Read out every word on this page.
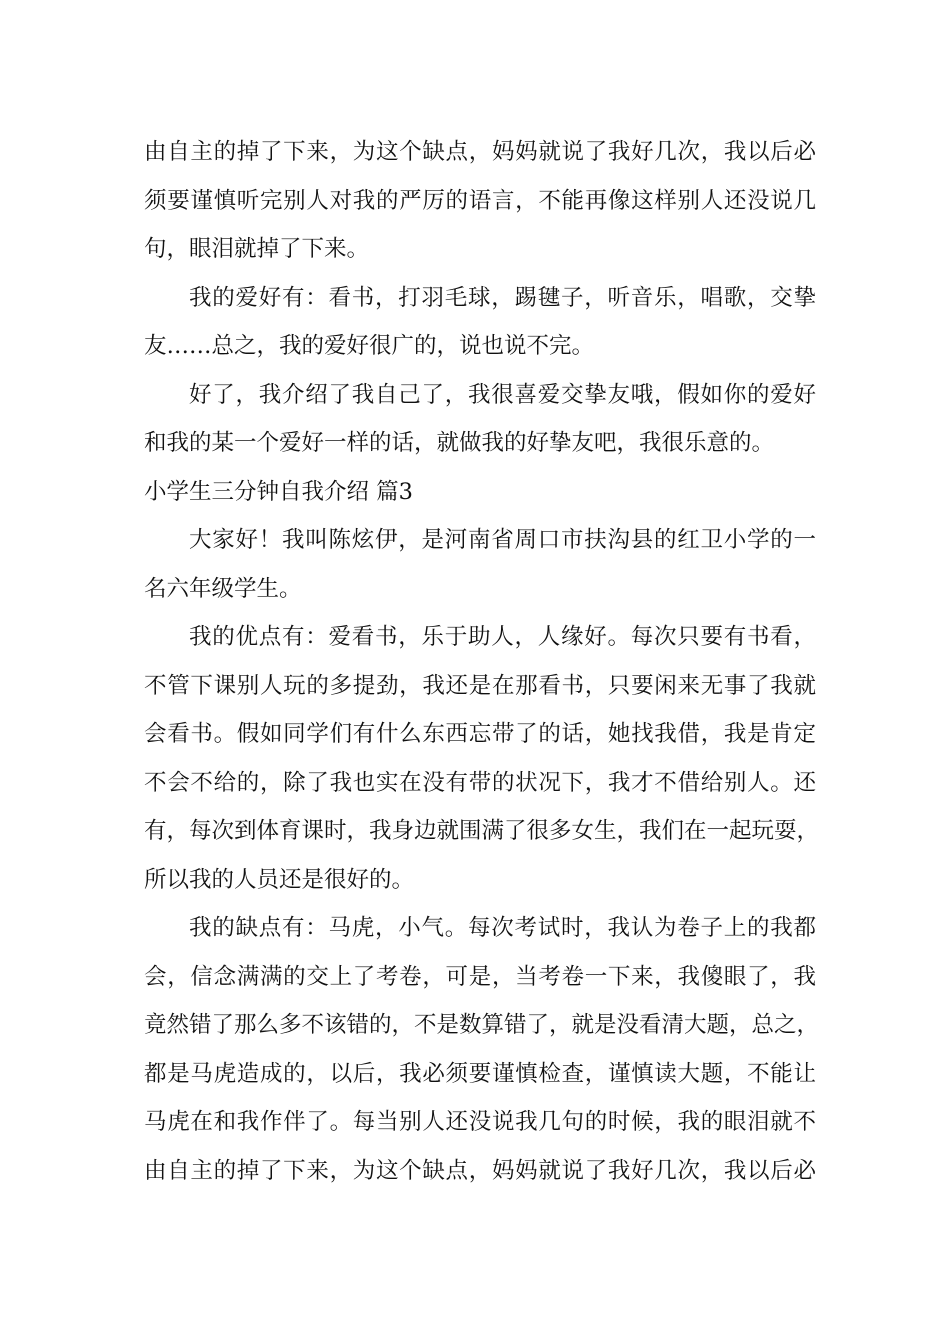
由自主的掉了下来，为这个缺点，妈妈就说了我好几次，我以后必
须要谨慎听完别人对我的严厉的语言，不能再像这样别人还没说几
句，眼泪就掉了下来。
我的爱好有：看书，打羽毛球，踢毽子，听音乐，唱歌，交挚
友……总之，我的爱好很广的，说也说不完。
好了，我介绍了我自己了，我很喜爱交挚友哦，假如你的爱好
和我的某一个爱好一样的话，就做我的好挚友吧，我很乐意的。
小学生三分钟自我介绍 篇3
大家好！我叫陈炫伊，是河南省周口市扶沟县的红卫小学的一
名六年级学生。
我的优点有：爱看书，乐于助人，人缘好。每次只要有书看，
不管下课别人玩的多提劲，我还是在那看书，只要闲来无事了我就
会看书。假如同学们有什么东西忘带了的话，她找我借，我是肯定
不会不给的，除了我也实在没有带的状况下，我才不借给别人。还
有，每次到体育课时，我身边就围满了很多女生，我们在一起玩耍，
所以我的人员还是很好的。
我的缺点有：马虎，小气。每次考试时，我认为卷子上的我都
会，信念满满的交上了考卷，可是，当考卷一下来，我傻眼了，我
竟然错了那么多不该错的，不是数算错了，就是没看清大题，总之，
都是马虎造成的，以后，我必须要谨慎检查，谨慎读大题，不能让
马虎在和我作伴了。每当别人还没说我几句的时候，我的眼泪就不
由自主的掉了下来，为这个缺点，妈妈就说了我好几次，我以后必
